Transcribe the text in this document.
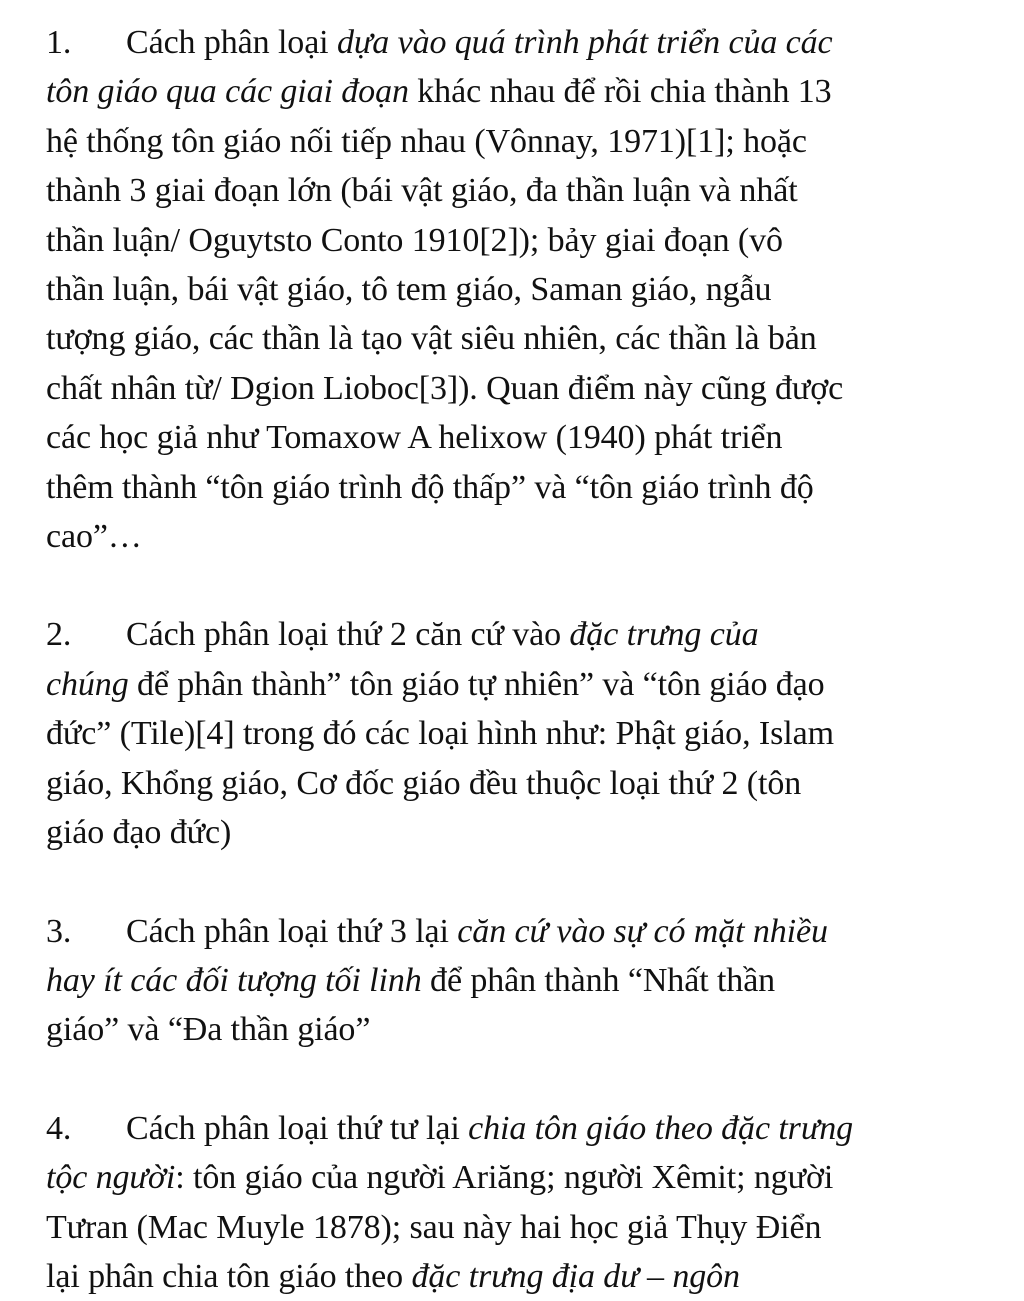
1. Cách phân loại dựa vào quá trình phát triển của các
tôn giáo qua các giai đoạn khác nhau để rồi chia thành 13
hệ thống tôn giáo nối tiếp nhau (Vônnay, 1971)[1]; hoặc
thành 3 giai đoạn lớn (bái vật giáo, đa thần luận và nhất
thần luận/ Oguytsto Conto 1910[2]); bảy giai đoạn (vô
thần luận, bái vật giáo, tô tem giáo, Saman giáo, ngẫu
tượng giáo, các thần là tạo vật siêu nhiên, các thần là bản
chất nhân từ/ Dgion Lioboc[3]). Quan điểm này cũng được
các học giả như Tomaxow A helixow (1940) phát triển
thêm thành “tôn giáo trình độ thấp” và “tôn giáo trình độ
cao”…

2. Cách phân loại thứ 2 căn cứ vào đặc trưng của
chúng để phân thành” tôn giáo tự nhiên” và “tôn giáo đạo
đức” (Tile)[4] trong đó các loại hình như: Phật giáo, Islam
giáo, Khổng giáo, Cơ đốc giáo đều thuộc loại thứ 2 (tôn
giáo đạo đức)

3. Cách phân loại thứ 3 lại căn cứ vào sự có mặt nhiều
hay ít các đối tượng tối linh để phân thành “Nhất thần
giáo” và “Đa thần giáo”

4. Cách phân loại thứ tư lại chia tôn giáo theo đặc trưng
tộc người: tôn giáo của người Ariăng; người Xêmit; người
Tưran (Mac Muyle 1878); sau này hai học giả Thụy Điển
lại phân chia tôn giáo theo đặc trưng địa dư – ngôn
